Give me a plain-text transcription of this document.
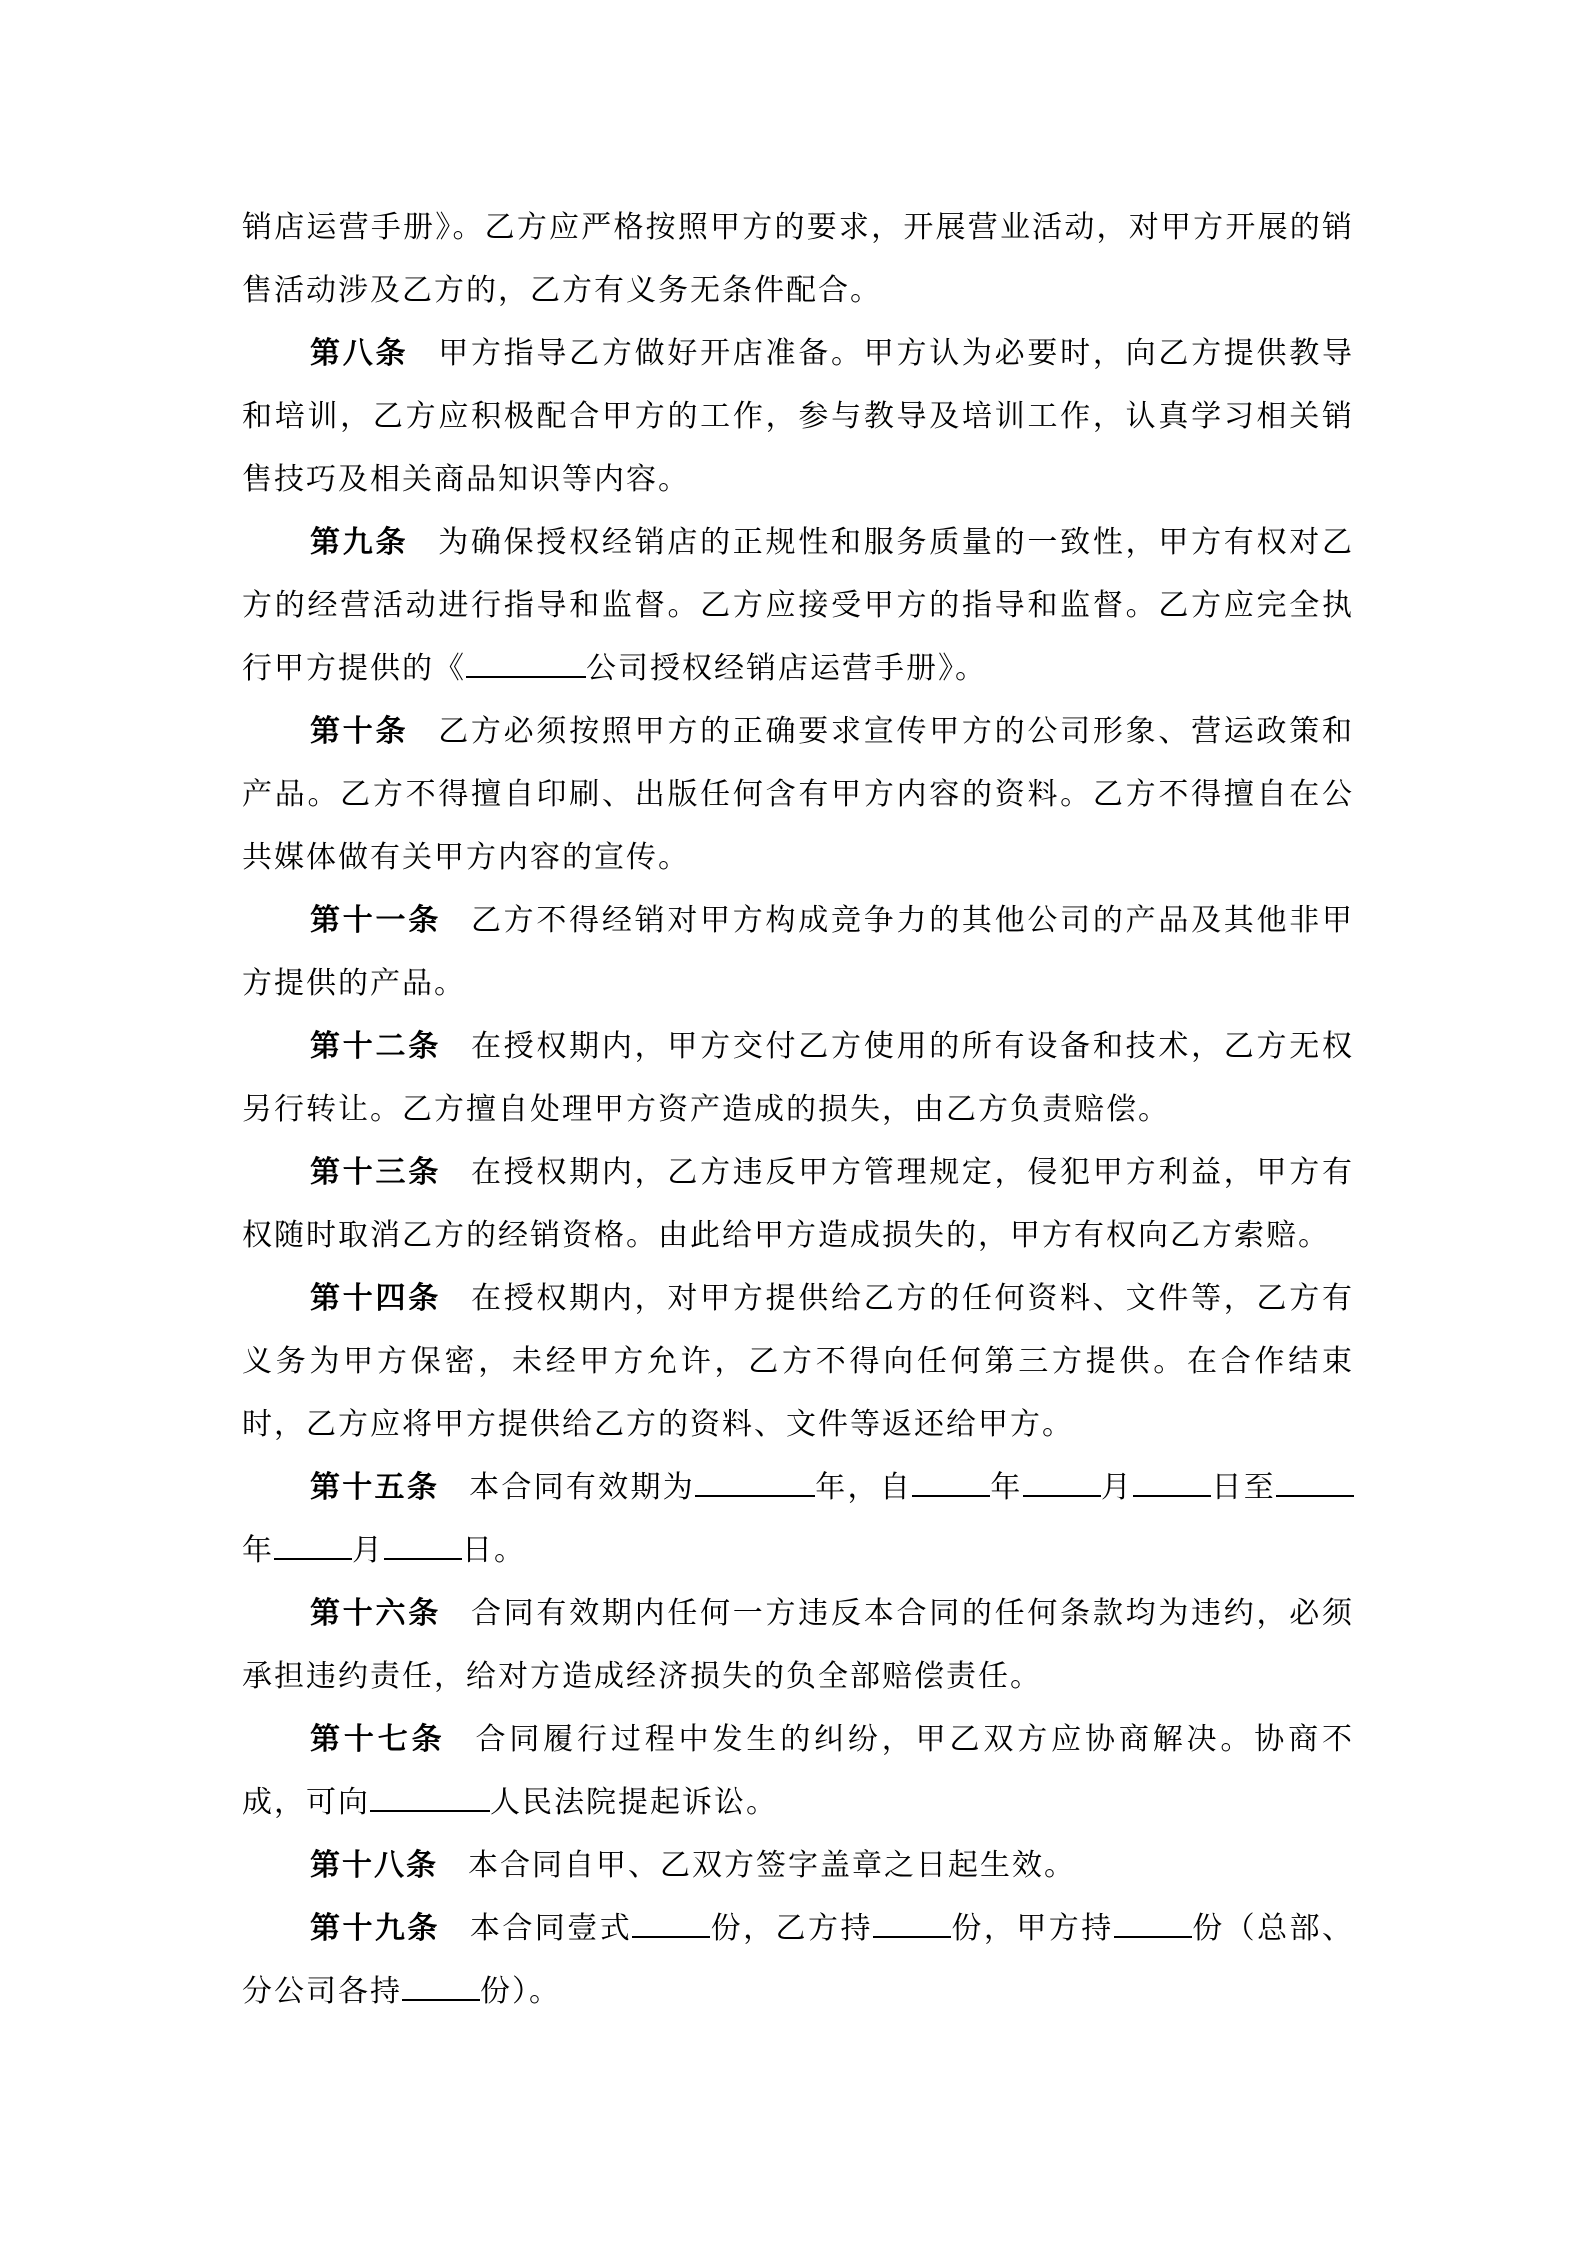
销店运营手册》。乙方应严格按照甲方的要求，开展营业活动，对甲方开展的销售活动涉及乙方的，乙方有义务无条件配合。

第八条 甲方指导乙方做好开店准备。甲方认为必要时，向乙方提供教导和培训，乙方应积极配合甲方的工作，参与教导及培训工作，认真学习相关销售技巧及相关商品知识等内容。

第九条 为确保授权经销店的正规性和服务质量的一致性，甲方有权对乙方的经营活动进行指导和监督。乙方应接受甲方的指导和监督。乙方应完全执行甲方提供的《	公司授权经销店运营手册》。

第十条 乙方必须按照甲方的正确要求宣传甲方的公司形象、营运政策和产品。乙方不得擅自印刷、出版任何含有甲方内容的资料。乙方不得擅自在公共媒体做有关甲方内容的宣传。

第十一条 乙方不得经销对甲方构成竞争力的其他公司的产品及其他非甲方提供的产品。

第十二条 在授权期内，甲方交付乙方使用的所有设备和技术，乙方无权另行转让。乙方擅自处理甲方资产造成的损失，由乙方负责赔偿。

第十三条 在授权期内，乙方违反甲方管理规定，侵犯甲方利益，甲方有权随时取消乙方的经销资格。由此给甲方造成损失的，甲方有权向乙方索赔。

第十四条 在授权期内，对甲方提供给乙方的任何资料、文件等，乙方有义务为甲方保密，未经甲方允许，乙方不得向任何第三方提供。在合作结束时，乙方应将甲方提供给乙方的资料、文件等返还给甲方。

第十五条 本合同有效期为	年，自	年	月	日至年	月	日。

第十六条 合同有效期内任何一方违反本合同的任何条款均为违约，必须承担违约责任，给对方造成经济损失的负全部赔偿责任。

第十七条 合同履行过程中发生的纠纷，甲乙双方应协商解决。协商不成，可向	人民法院提起诉讼。

第十八条 本合同自甲、乙双方签字盖章之日起生效。

第十九条 本合同壹式	份，乙方持	份，甲方持	份（总部、分公司各持	份）。
